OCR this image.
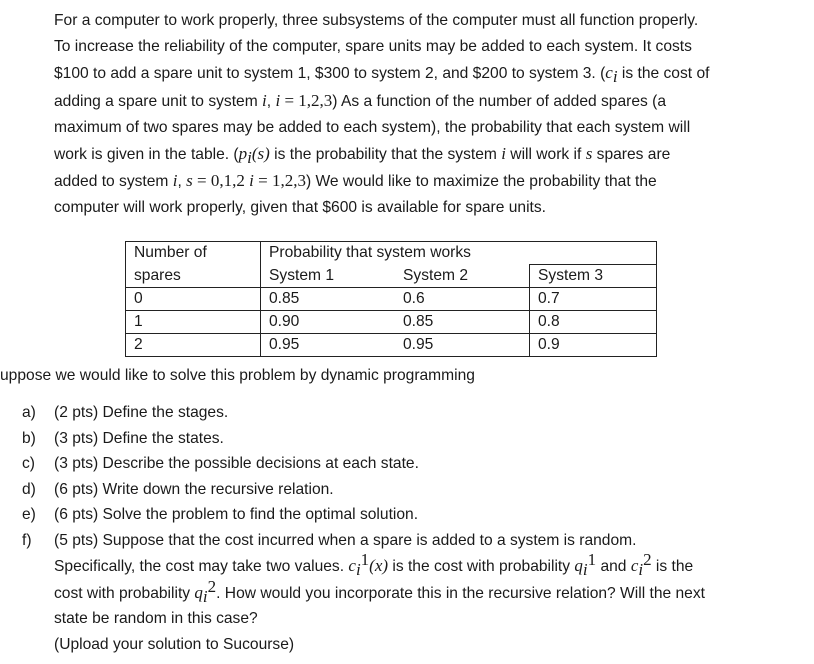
For a computer to work properly, three subsystems of the computer must all function properly.
To increase the reliability of the computer, spare units may be added to each system. It costs
$100 to add a spare unit to system 1, $300 to system 2, and $200 to system 3. ($c_i$ is the cost of
adding a spare unit to system i, i = 1,2,3) As a function of the number of added spares (a
maximum of two spares may be added to each system), the probability that each system will
work is given in the table. ($p_i(s)$ is the probability that the system i will work if s spares are
added to system i, s = 0,1,2 i = 1,2,3) We would like to maximize the probability that the
computer will work properly, given that $600 is available for spare units.
Number of	Probability that system works		
spares	System 1	System 2	System 3
0	0.85	0.6	0.7
1	0.90	0.85	0.8
2	0.95	0.95	0.9
uppose we would like to solve this problem by dynamic programming
a) (2 pts) Define the stages.
b) (3 pts) Define the states.
c) (3 pts) Describe the possible decisions at each state.
d) (6 pts) Write down the recursive relation.
e) (6 pts) Solve the problem to find the optimal solution.
f) (5 pts) Suppose that the cost incurred when a spare is added to a system is random.
Specifically, the cost may take two values. $c_i^1(x)$ is the cost with probability $q_i^1$ and $c_i^2$ is the
cost with probability $q_i^2$. How would you incorporate this in the recursive relation? Will the next
state be random in this case?
(Upload your solution to Sucourse)
